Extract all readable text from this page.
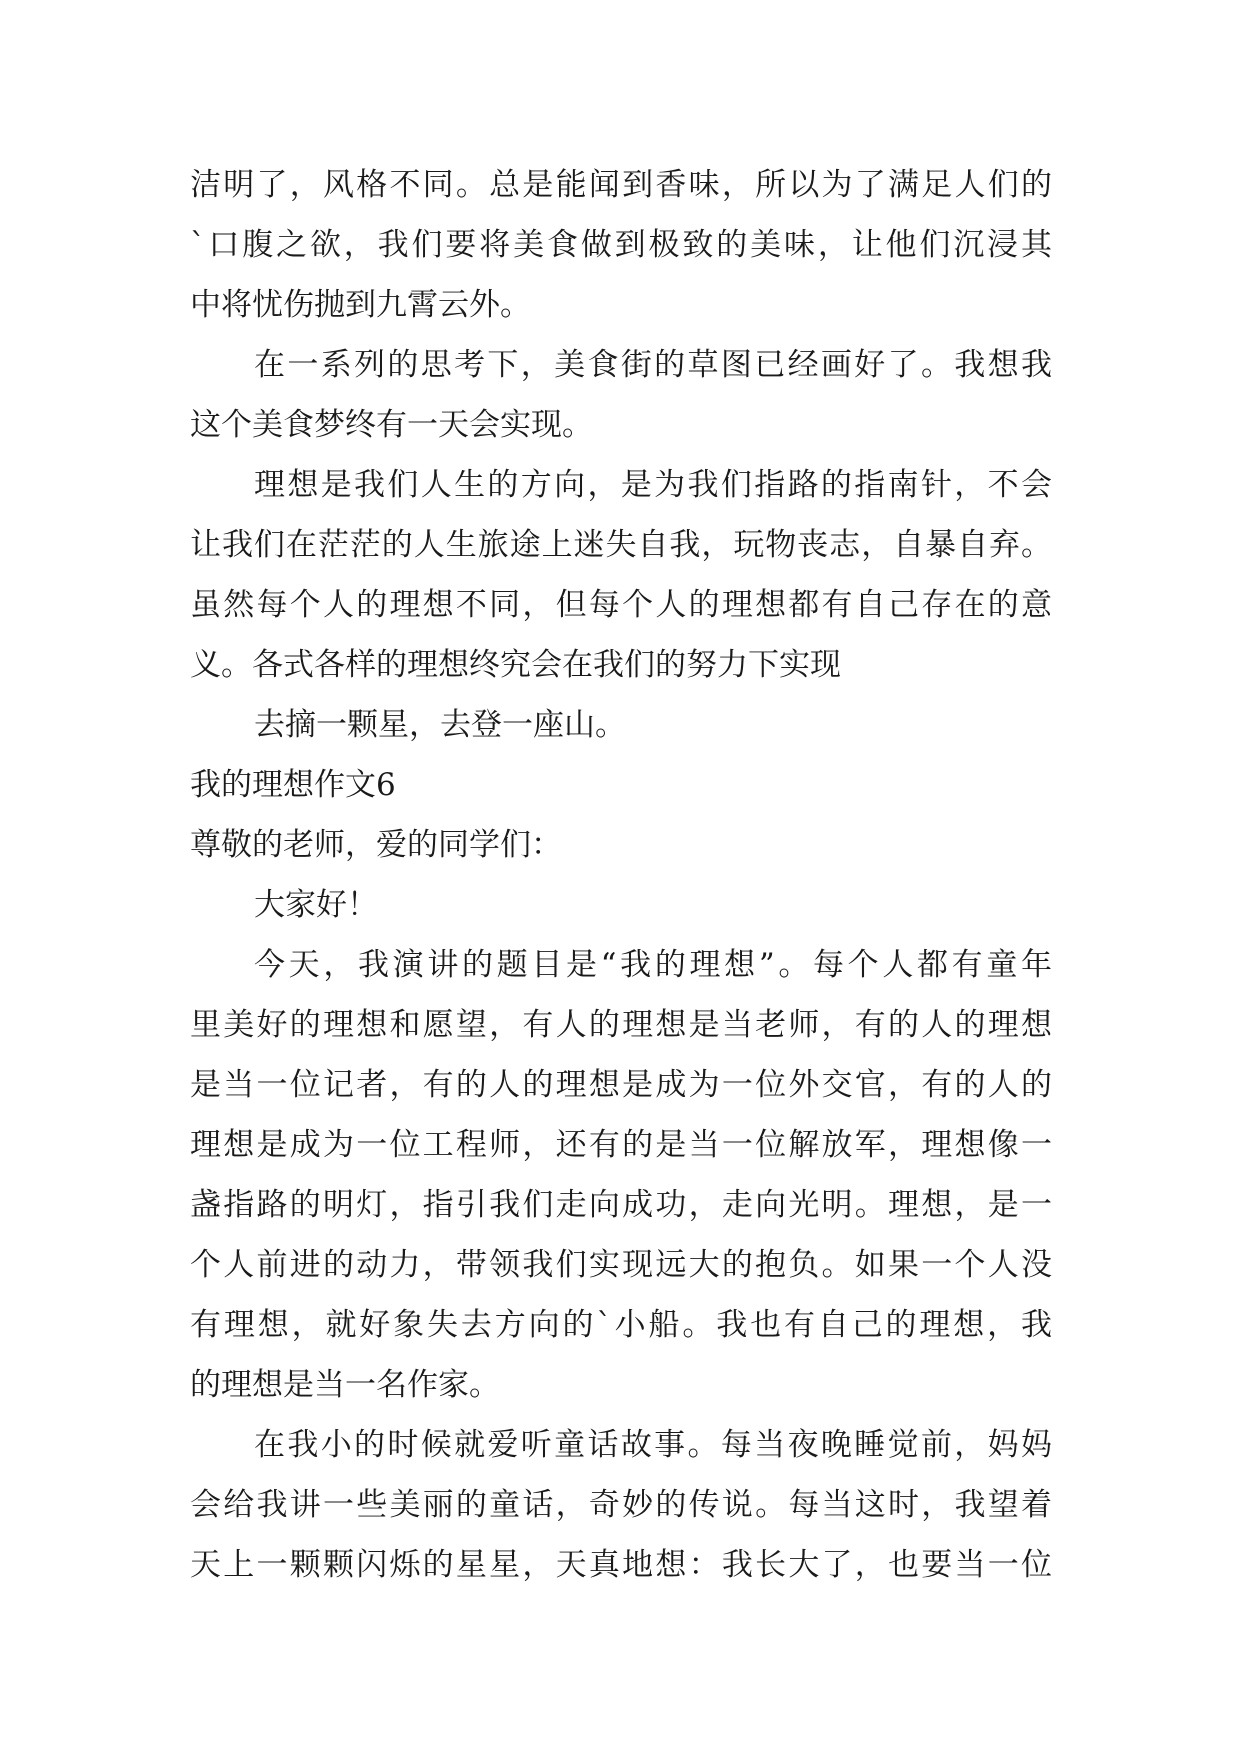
洁明了，风格不同。总是能闻到香味，所以为了满足人们的
`口腹之欲，我们要将美食做到极致的美味，让他们沉浸其
中将忧伤抛到九霄云外。
在一系列的思考下，美食街的草图已经画好了。我想我
这个美食梦终有一天会实现。
理想是我们人生的方向，是为我们指路的指南针，不会
让我们在茫茫的人生旅途上迷失自我，玩物丧志，自暴自弃。
虽然每个人的理想不同，但每个人的理想都有自己存在的意
义。各式各样的理想终究会在我们的努力下实现
去摘一颗星，去登一座山。
我的理想作文6
尊敬的老师，爱的同学们：
大家好！
今天，我演讲的题目是“我的理想”。每个人都有童年
里美好的理想和愿望，有人的理想是当老师，有的人的理想
是当一位记者，有的人的理想是成为一位外交官，有的人的
理想是成为一位工程师，还有的是当一位解放军，理想像一
盏指路的明灯，指引我们走向成功，走向光明。理想，是一
个人前进的动力，带领我们实现远大的抱负。如果一个人没
有理想，就好象失去方向的`小船。我也有自己的理想，我
的理想是当一名作家。
在我小的时候就爱听童话故事。每当夜晚睡觉前，妈妈
会给我讲一些美丽的童话，奇妙的传说。每当这时，我望着
天上一颗颗闪烁的星星，天真地想：我长大了，也要当一位
